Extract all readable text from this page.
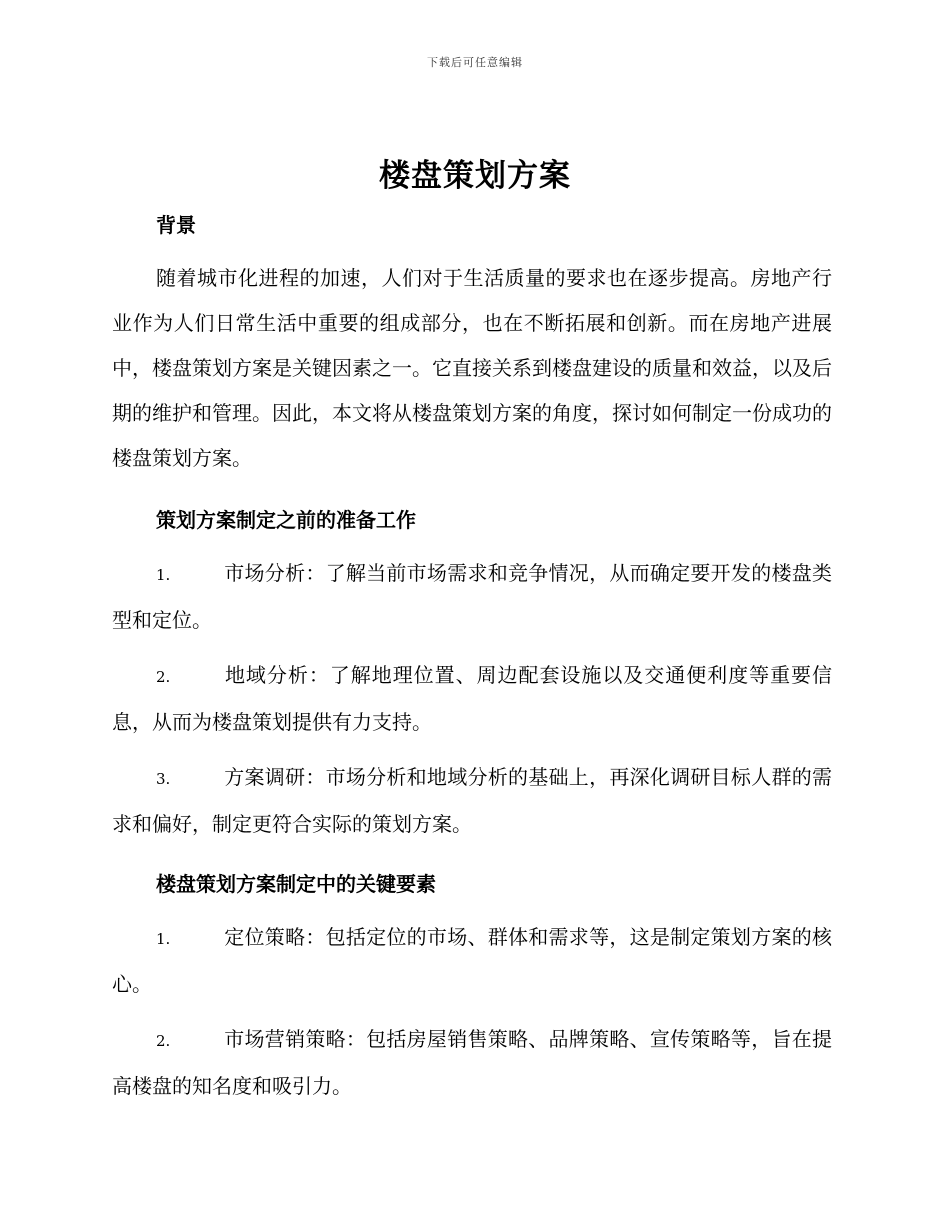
下载后可任意编辑
楼盘策划方案
背景

随着城市化进程的加速，人们对于生活质量的要求也在逐步提高。房地产行业作为人们日常生活中重要的组成部分，也在不断拓展和创新。而在房地产进展中，楼盘策划方案是关键因素之一。它直接关系到楼盘建设的质量和效益，以及后期的维护和管理。因此，本文将从楼盘策划方案的角度，探讨如何制定一份成功的楼盘策划方案。

策划方案制定之前的准备工作

1.	市场分析：了解当前市场需求和竞争情况，从而确定要开发的楼盘类型和定位。

2.	地域分析：了解地理位置、周边配套设施以及交通便利度等重要信息，从而为楼盘策划提供有力支持。

3.	方案调研：市场分析和地域分析的基础上，再深化调研目标人群的需求和偏好，制定更符合实际的策划方案。

楼盘策划方案制定中的关键要素

1.	定位策略：包括定位的市场、群体和需求等，这是制定策划方案的核心。

2.	市场营销策略：包括房屋销售策略、品牌策略、宣传策略等，旨在提高楼盘的知名度和吸引力。
